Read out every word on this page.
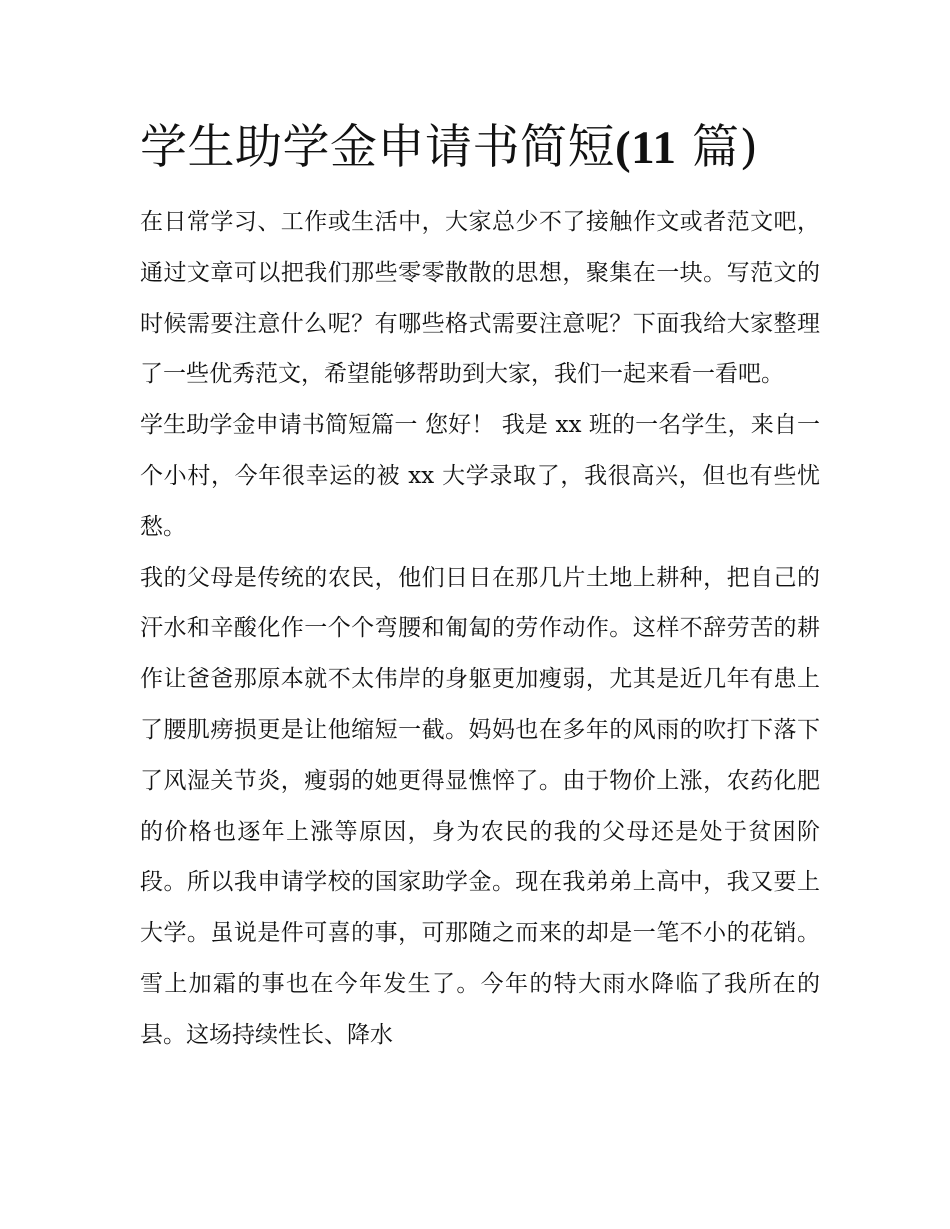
学生助学金申请书简短(11 篇)

在日常学习、工作或生活中，大家总少不了接触作文或者范文吧，通过文章可以把我们那些零零散散的思想，聚集在一块。写范文的时候需要注意什么呢？有哪些格式需要注意呢？下面我给大家整理了一些优秀范文，希望能够帮助到大家，我们一起来看一看吧。

学生助学金申请书简短篇一 您好！ 我是 xx 班的一名学生，来自一个小村，今年很幸运的被 xx 大学录取了，我很高兴，但也有些忧愁。

我的父母是传统的农民，他们日日在那几片土地上耕种，把自己的汗水和辛酸化作一个个弯腰和匍匐的劳作动作。这样不辞劳苦的耕作让爸爸那原本就不太伟岸的身躯更加瘦弱，尤其是近几年有患上了腰肌痨损更是让他缩短一截。妈妈也在多年的风雨的吹打下落下了风湿关节炎，瘦弱的她更得显憔悴了。由于物价上涨，农药化肥的价格也逐年上涨等原因，身为农民的我的父母还是处于贫困阶段。所以我申请学校的国家助学金。现在我弟弟上高中，我又要上大学。虽说是件可喜的事，可那随之而来的却是一笔不小的花销。雪上加霜的事也在今年发生了。今年的特大雨水降临了我所在的县。这场持续性长、降水
